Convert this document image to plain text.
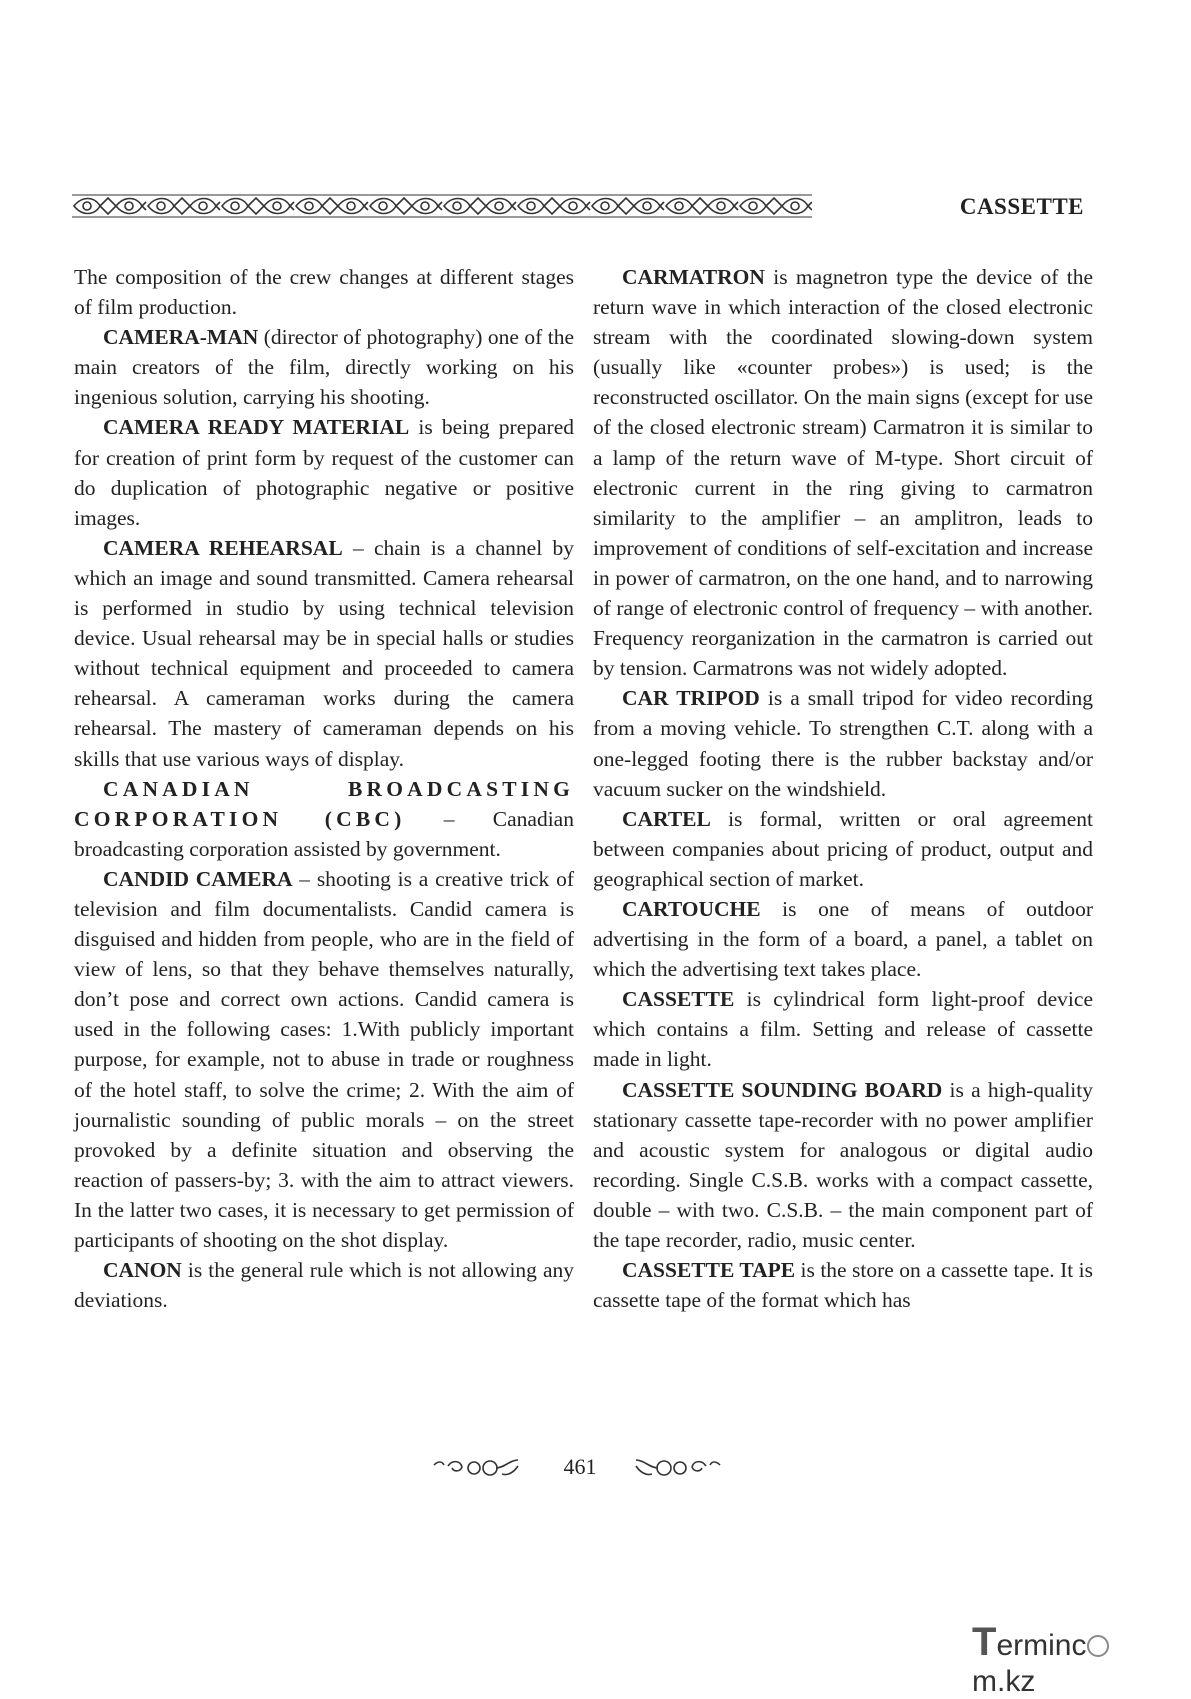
CASSETTE

The composition of the crew changes at different stages of film production.

CAMERA-MAN (director of photography) one of the main creators of the film, directly working on his ingenious solution, carrying his shooting.

CAMERA READY MATERIAL is being prepared for creation of print form by request of the customer can do duplication of photographic negative or positive images.

CAMERA REHEARSAL – chain is a channel by which an image and sound transmitted. Camera rehearsal is performed in studio by using technical television device. Usual rehearsal may be in special halls or studies without technical equipment and proceeded to camera rehearsal. A cameraman works during the camera rehearsal. The mastery of cameraman depends on his skills that use various ways of display.

CANADIAN BROADCASTING CORPORATION (CBC) – Canadian broadcasting corporation assisted by government.

CANDID CAMERA – shooting is a creative trick of television and film documentalists. Candid camera is disguised and hidden from people, who are in the field of view of lens, so that they behave themselves naturally, don’t pose and correct own actions. Candid camera is used in the following cases: 1.With publicly important purpose, for example, not to abuse in trade or roughness of the hotel staff, to solve the crime; 2. With the aim of journalistic sounding of public morals – on the street provoked by a definite situation and observing the reaction of passers-by; 3. with the aim to attract viewers. In the latter two cases, it is necessary to get permission of participants of shooting on the shot display.

CANON is the general rule which is not allowing any deviations.

CARMATRON is magnetron type the device of the return wave in which interaction of the closed electronic stream with the coordinated slowing-down system (usually like «counter probes») is used; is the reconstructed oscillator. On the main signs (except for use of the closed electronic stream) Carmatron it is similar to a lamp of the return wave of M-type. Short circuit of electronic current in the ring giving to carmatron similarity to the amplifier – an amplitron, leads to improvement of conditions of self-excitation and increase in power of carmatron, on the one hand, and to narrowing of range of electronic control of frequency – with another. Frequency reorganization in the carmatron is carried out by tension. Carmatrons was not widely adopted.

CAR TRIPOD is a small tripod for video recording from a moving vehicle. To strengthen C.T. along with a one-legged footing there is the rubber backstay and/or vacuum sucker on the windshield.

CARTEL is formal, written or oral agreement between companies about pricing of product, output and geographical section of market.

CARTOUCHE is one of means of outdoor advertising in the form of a board, a panel, a tablet on which the advertising text takes place.

CASSETTE is cylindrical form light-proof device which contains a film. Setting and release of cassette made in light.

CASSETTE SOUNDING BOARD is a high-quality stationary cassette tape-recorder with no power amplifier and acoustic system for analogous or digital audio recording. Single C.S.B. works with a compact cassette, double – with two. C.S.B. – the main component part of the tape recorder, radio, music center.

CASSETTE TAPE is the store on a cassette tape. It is cassette tape of the format which has

461
Termincm.kz
